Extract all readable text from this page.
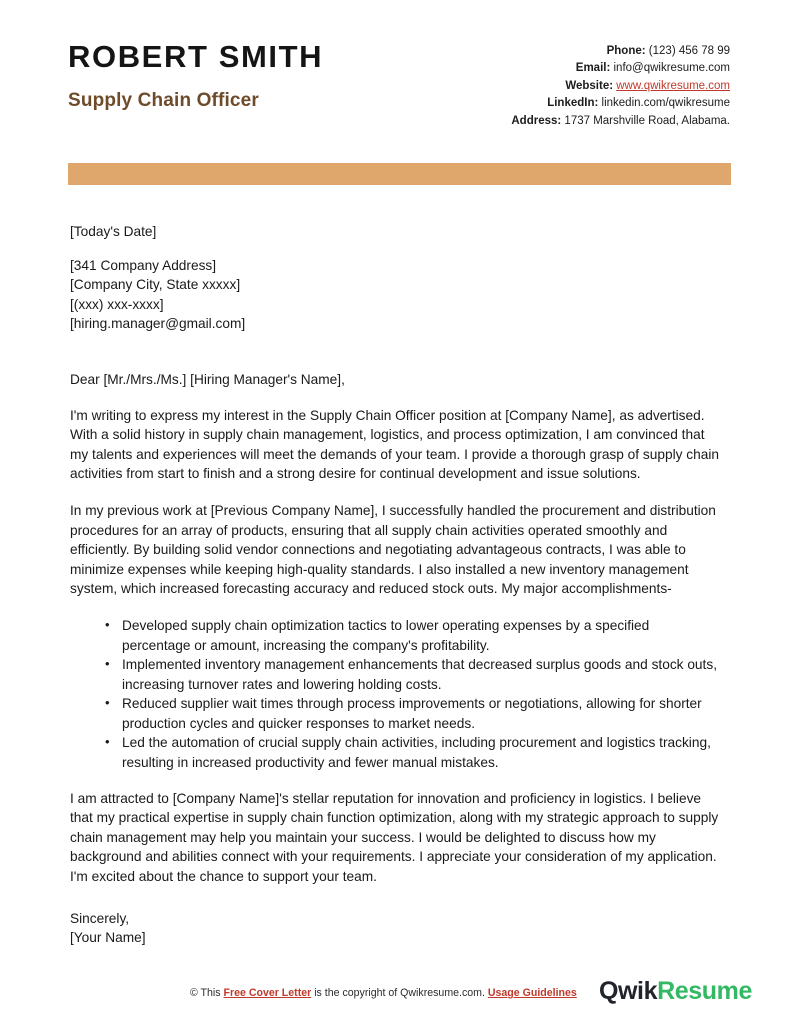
ROBERT SMITH
Supply Chain Officer
Phone: (123) 456 78 99
Email: info@qwikresume.com
Website: www.qwikresume.com
LinkedIn: linkedin.com/qwikresume
Address: 1737 Marshville Road, Alabama.
[Today's Date]
[341 Company Address]
[Company City, State xxxxx]
[(xxx) xxx-xxxx]
[hiring.manager@gmail.com]
Dear [Mr./Mrs./Ms.] [Hiring Manager's Name],

I'm writing to express my interest in the Supply Chain Officer position at [Company Name], as advertised. With a solid history in supply chain management, logistics, and process optimization, I am convinced that my talents and experiences will meet the demands of your team. I provide a thorough grasp of supply chain activities from start to finish and a strong desire for continual development and issue solutions.

In my previous work at [Previous Company Name], I successfully handled the procurement and distribution procedures for an array of products, ensuring that all supply chain activities operated smoothly and efficiently. By building solid vendor connections and negotiating advantageous contracts, I was able to minimize expenses while keeping high-quality standards. I also installed a new inventory management system, which increased forecasting accuracy and reduced stock outs. My major accomplishments-

• Developed supply chain optimization tactics to lower operating expenses by a specified percentage or amount, increasing the company's profitability.
• Implemented inventory management enhancements that decreased surplus goods and stock outs, increasing turnover rates and lowering holding costs.
• Reduced supplier wait times through process improvements or negotiations, allowing for shorter production cycles and quicker responses to market needs.
• Led the automation of crucial supply chain activities, including procurement and logistics tracking, resulting in increased productivity and fewer manual mistakes.

I am attracted to [Company Name]'s stellar reputation for innovation and proficiency in logistics. I believe that my practical expertise in supply chain function optimization, along with my strategic approach to supply chain management may help you maintain your success. I would be delighted to discuss how my background and abilities connect with your requirements. I appreciate your consideration of my application. I'm excited about the chance to support your team.

Sincerely,
[Your Name]
© This Free Cover Letter is the copyright of Qwikresume.com. Usage Guidelines QwikResume
